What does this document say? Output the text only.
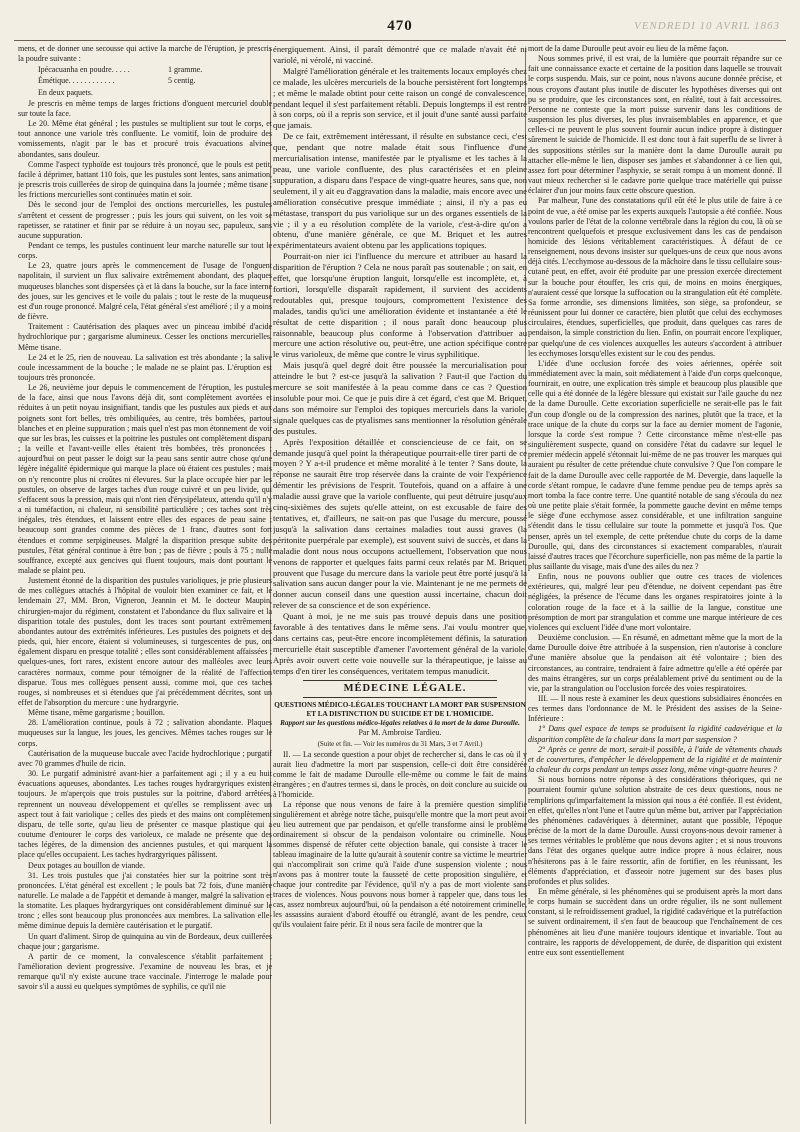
470	VENDREDI 10 AVRIL 1863

mens, et de donner une secousse qui active la marche de l'éruption, je prescris la poudre suivante :

Ipécacuanha en poudre. . . . .	1 gramme.

Émétique. . . . . . . . . . . .	5 centig.

En deux paquets.

Je prescris en même temps de larges frictions d'onguent mercuriel double sur toute la face.

Le 20. Même état général ; les pustules se multiplient sur tout le corps, et tout annonce une variole très confluente. Le vomitif, loin de produire des vomissements, n'agit par le bas et procuré trois évacuations alvines abondantes, sans douleur.

Comme l'aspect typhoïde est toujours très prononcé, que le pouls est petit, facile à déprimer, battant 110 fois, que les pustules sont lentes, sans animation, je prescris trois cuillerées de sirop de quinquina dans la journée ; même tisane ; les frictions mercurielles sont continuées matin et soir.

Dès le second jour de l'emploi des onctions mercurielles, les pustules s'arrêtent et cessent de progresser ; puis les jours qui suivent, on les voit se rapetisser, se ratatiner et finir par se réduire à un noyau sec, papuleux, sans aucune suppuration.

Pendant ce temps, les pustules continuent leur marche naturelle sur tout le corps.

Le 23, quatre jours après le commencement de l'usage de l'onguent napolitain, il survient un flux salivaire extrêmement abondant, des plaques muqueuses blanches sont dispersées çà et là dans la bouche, sur la face interne des joues, sur les gencives et le voile du palais ; tout le reste de la muqueuse est d'un rouge prononcé. Malgré cela, l'état général s'est amélioré ; il y a moins de fièvre.

Traitement : Cautérisation des plaques avec un pinceau imbibé d'acide hydrochlorique pur ; gargarisme alumineux. Cesser les onctions mercurielles. Même tisane.

Le 24 et le 25, rien de nouveau. La salivation est très abondante ; la salive coule incessamment de la bouche ; le malade ne se plaint pas. L'éruption est toujours très prononcée.

Le 26, neuvième jour depuis le commencement de l'éruption, les pustules de la face, ainsi que nous l'avons déjà dit, sont complètement avortées et réduites à un petit noyau insignifiant, tandis que les pustules aux pieds et aux poignets sont fort belles, très ombiliquées, au centre, très bombées, partout blanches et en pleine suppuration ; mais quel n'est pas mon étonnement de voir que sur les bras, les cuisses et la poitrine les pustules ont complètement disparu ; la veille et l'avant-veille elles étaient très bombées, très prononcées ; aujourd'hui on peut passer le doigt sur la peau sans sentir autre chose qu'une légère inégalité épidermique qui marque la place où étaient ces pustules ; mais on n'y rencontre plus ni croûtes ni élevures. Sur la place occupée hier par les pustules, on observe de larges taches d'un rouge cuivré et un peu livide, qui s'effacent sous la pression, mais qui n'ont rien d'érysipélateux, attendu qu'il n'y a ni tuméfaction, ni chaleur, ni sensibilité particulière ; ces taches sont très inégales, très étendues, et laissent entre elles des espaces de peau saine ; beaucoup sont grandes comme des pièces de 1 franc, d'autres sont fort étendues et comme serpigineuses. Malgré la disparition presque subite des pustules, l'état général continue à être bon ; pas de fièvre ; pouls à 75 ; nulle souffrance, excepté aux gencives qui fluent toujours, mais dont pourtant le malade se plaint peu.

Justement étonné de la disparition des pustules varioliques, je prie plusieurs de mes collègues attachés à l'hôpital de vouloir bien examiner ce fait, et le lendemain 27, MM. Bron, Vigneron, Jeannin et M. le docteur Maupin, chirurgien-major du régiment, constatent et l'abondance du flux salivaire et la disparition totale des pustules, dont les traces sont pourtant extrêmement abondantes autour des extrémités inférieures. Les pustules des poignets et des pieds, qui, hier encore, étaient si volumineuses, si turgescentes de pus, ont également disparu en presque totalité ; elles sont considérablement affaissées ; quelques-unes, fort rares, existent encore autour des malléoles avec leurs caractères normaux, comme pour témoigner de la réalité de l'affection disparue. Tous mes collègues pensent aussi, comme moi, que ces taches rouges, si nombreuses et si étendues que j'ai précédemment décrites, sont un effet de l'absorption du mercure : une hydrargyrie.

Même tisane, même gargarisme ; bouillon.

28. L'amélioration continue, pouls à 72 ; salivation abondante. Plaques muqueuses sur la langue, les joues, les gencives. Mêmes taches rouges sur le corps.

Cautérisation de la muqueuse buccale avec l'acide hydrochlorique ; purgatif avec 70 grammes d'huile de ricin.

30. Le purgatif administré avant-hier a parfaitement agi ; il y a eu huit évacuations aqueuses, abondantes. Les taches rouges hydrargyriques existent toujours. Je m'aperçois que trois pustules sur la poitrine, d'abord arrêtées, reprennent un nouveau développement et qu'elles se remplissent avec un aspect tout à fait variolique ; celles des pieds et des mains ont complètement disparu, de telle sorte, qu'au lieu de présenter ce masque plastique qui a coutume d'entourer le corps des varioleux, ce malade ne présente que des taches légères, de la dimension des anciennes pustules, et qui marquent la place qu'elles occupaient. Les taches hydrargyriques pâlissent.

Deux potages au bouillon de viande.

31. Les trois pustules que j'ai constatées hier sur la poitrine sont très prononcées. L'état général est excellent ; le pouls bat 72 fois, d'une manière naturelle. Le malade a de l'appétit et demande à manger, malgré la salivation et la stomatite. Les plaques hydrargyriques ont considérablement diminué sur le tronc ; elles sont beaucoup plus prononcées aux membres. La salivation elle-même diminue depuis la dernière cautérisation et le purgatif.

Un quart d'aliment. Sirop de quinquina au vin de Bordeaux, deux cuillerées chaque jour ; gargarisme.

A partir de ce moment, la convalescence s'établit parfaitement ; l'amélioration devient progressive. J'examine de nouveau les bras, et je remarque qu'il n'y existe aucune trace vaccinale. J'interroge le malade pour savoir s'il a aussi eu quelques symptômes de syphilis, ce qu'il nie

énergiquement. Ainsi, il paraît démontré que ce malade n'avait été ni variolé, ni vérolé, ni vacciné.

Malgré l'amélioration générale et les traitements locaux employés chez ce malade, les ulcères mercuriels de la bouche persistèrent fort longtemps ; et même le malade obtint pour cette raison un congé de convalescence, pendant lequel il s'est parfaitement rétabli. Depuis longtemps il est rentré à son corps, où il a repris son service, et il jouit d'une santé aussi parfaite que jamais.

De ce fait, extrêmement intéressant, il résulte en substance ceci, c'est que, pendant que notre malade était sous l'influence d'une mercurialisation intense, manifestée par le ptyalisme et les taches à la peau, une variole confluente, des plus caractérisées et en pleine suppuration, a disparu dans l'espace de vingt-quatre heures, sans que, non seulement, il y ait eu d'aggravation dans la maladie, mais encore avec une amélioration consécutive presque immédiate ; ainsi, il n'y a pas eu métastase, transport du pus variolique sur un des organes essentiels de la vie ; il y a eu résolution complète de la variole, c'est-à-dire qu'on a obtenu, d'une manière générale, ce que M. Briquet et les autres expérimentateurs avaient obtenu par les applications topiques.

Pourrait-on nier ici l'influence du mercure et attribuer au hasard la disparition de l'éruption ? Cela ne nous paraît pas soutenable ; on sait, en effet, que lorsqu'une éruption languit, lorsqu'elle est incomplète, et, à fortiori, lorsqu'elle disparaît rapidement, il survient des accidents redoutables qui, presque toujours, compromettent l'existence des malades, tandis qu'ici une amélioration évidente et instantanée a été le résultat de cette disparition ; il nous paraît donc beaucoup plus raisonnable, beaucoup plus conforme à l'observation d'attribuer au mercure une action résolutive ou, peut-être, une action spécifique contre le virus varioleux, de même que contre le virus syphilitique.

Mais jusqu'à quel degré doit être poussée la mercurialisation pour atteindre le but ? est-ce jusqu'à la salivation ? Faut-il que l'action du mercure se soit manifestée à la peau comme dans ce cas ? Question insoluble pour moi. Ce que je puis dire à cet égard, c'est que M. Briquet, dans son mémoire sur l'emploi des topiques mercuriels dans la variole, signale quelques cas de ptyalismes sans mentionner la résolution générale des pustules.

Après l'exposition détaillée et consciencieuse de ce fait, on se demande jusqu'à quel point la thérapeutique pourrait-elle tirer parti de ce moyen ? Y a-t-il prudence et même moralité à le tenter ? Sans doute, la réponse ne saurait être trop réservée dans la crainte de voir l'expérience démentir les prévisions de l'esprit. Toutefois, quand on a affaire à une maladie aussi grave que la variole confluente, qui peut détruire jusqu'aux cinq-sixièmes des sujets qu'elle atteint, on est excusable de faire des tentatives, et, d'ailleurs, ne sait-on pas que l'usage du mercure, poussé jusqu'à la salivation dans certaines maladies tout aussi graves (la péritonite puerpérale par exemple), est souvent suivi de succès, et dans la maladie dont nous nous occupons actuellement, l'observation que nous venons de rapporter et quelques faits parmi ceux relatés par M. Briquet, prouvent que l'usage du mercure dans la variole peut être porté jusqu'à la salivation sans aucun danger pour la vie. Maintenant je ne me permets de donner aucun conseil dans une question aussi incertaine, chacun doit relever de sa conscience et de son expérience.

Quant à moi, je ne me suis pas trouvé depuis dans une position favorable à des tentatives dans le même sens. J'ai voulu montrer que, dans certains cas, peut-être encore incomplètement définis, la saturation mercurielle était susceptible d'amener l'avortement général de la variole. Après avoir ouvert cette voie nouvelle sur la thérapeutique, je laisse au temps d'en tirer les conséquences, veritatem tempus manudicit.

MÉDECINE LÉGALE.

QUESTIONS MÉDICO-LÉGALES TOUCHANT LA MORT PAR SUSPENSION ET LA DISTINCTION DU SUICIDE ET DE L'HOMICIDE.

Rapport sur les questions médico-légales relatives à la mort de la dame Duroulle.

Par M. Ambroise Tardieu.

(Suite et fin. — Voir les numéros du 31 Mars, 3 et 7 Avril.)

II. — La seconde question a pour objet de rechercher si, dans le cas où il y aurait lieu d'admettre la mort par suspension, celle-ci doit être considérée comme le fait de madame Duroulle elle-même ou comme le fait de mains étrangères ; en d'autres termes si, dans le procès, on doit conclure au suicide ou à l'homicide.

La réponse que nous venons de faire à la première question simplifie singulièrement et abrège notre tâche, puisqu'elle montre que la mort peut avoir eu lieu autrement que par pendaison, et qu'elle transforme ainsi le problème ordinairement si obscur de la pendaison volontaire ou criminelle. Nous sommes dispensé de réfuter cette objection banale, qui consiste à tracer le tableau imaginaire de la lutte qu'aurait à soutenir contre sa victime le meurtrier qui n'accomplirait son crime qu'à l'aide d'une suspension violente ; nous n'avons pas à montrer toute la fausseté de cette proposition singulière, et chaque jour contredite par l'évidence, qu'il n'y a pas de mort violente sans traces de violences. Nous pouvons nous borner à rappeler que, dans tous les cas, assez nombreux aujourd'hui, où la pendaison a été notoirement criminelle, les assassins auraient d'abord étouffé ou étranglé, avant de les pendre, ceux qu'ils voulaient faire périr. Et il nous sera facile de montrer que la

mort de la dame Duroulle peut avoir eu lieu de la même façon.

Nous sommes privé, il est vrai, de la lumière que pourrait répandre sur ce fait une connaissance exacte et certaine de la position dans laquelle se trouvait le corps suspendu. Mais, sur ce point, nous n'avons aucune donnée précise, et nous croyons d'autant plus inutile de discuter les hypothèses diverses qui ont pu se produire, que les circonstances sont, en réalité, tout à fait accessoires. Personne ne conteste que la mort puisse survenir dans les conditions de suspension les plus diverses, les plus invraisemblables en apparence, et que celles-ci ne peuvent le plus souvent fournir aucun indice propre à distinguer sûrement le suicide de l'homicide. Il est donc tout à fait superflu de se livrer à des suppositions stériles sur la manière dont la dame Duroulle aurait pu attacher elle-même le lien, disposer ses jambes et s'abandonner à ce lien qui, assez fort pour déterminer l'asphyxie, se serait rompu à un moment donné. Il vaut mieux rechercher si le cadavre porte quelque trace matérielle qui puisse éclairer d'un jour moins faux cette obscure question.

Par malheur, l'une des constatations qu'il eût été le plus utile de faire à ce point de vue, a été omise par les experts auxquels l'autopsie a été confiée. Nous voulons parler de l'état de la colonne vertébrale dans la région du cou, là où se rencontrent quelquefois et presque exclusivement dans les cas de pendaison homicide des lésions véritablement caractéristiques. À défaut de ce renseignement, nous devons insister sur quelques-uns de ceux que nous avons déjà cités. L'ecchymose au-dessous de la mâchoire dans le tissu cellulaire sous-cutané peut, en effet, avoir été produite par une pression exercée directement sur la bouche pour étouffer, les cris qui, de moins en moins énergiques, n'auraient cessé que lorsque la suffocation ou la strangulation eût été complète. Sa forme arrondie, ses dimensions limitées, son siège, sa profondeur, se réunissent pour lui donner ce caractère, bien plutôt que celui des ecchymoses circulaires, étendues, superficielles, que produit, dans quelques cas rares de pendaison, la simple constriction du lien. Enfin, on pourrait encore l'expliquer, par quelqu'une de ces violences auxquelles les auteurs s'accordent à attribuer les ecchymoses lorsqu'elles existent sur le cou des pendus.

L'idée d'une occlusion forcée des voies aériennes, opérée soit immédiatement avec la main, soit médiatement à l'aide d'un corps quelconque, fournirait, en outre, une explication très simple et beaucoup plus plausible que celle qui a été donnée de la légère blessure qui existait sur l'aile gauche du nez de la dame Duroulle. Cette excoriation superficielle ne serait-elle pas le fait d'un coup d'ongle ou de la compression des narines, plutôt que la trace, et la trace unique de la chute du corps sur la face au dernier moment de l'agonie, lorsque la corde s'est rompue ? Cette circonstance même n'est-elle pas singulièrement suspecte, quand on considère l'état du cadavre sur lequel le premier médecin appelé s'étonnait lui-même de ne pas trouver les marques qui auraient pu résulter de cette prétendue chute convulsive ? Que l'on compare le fait de la dame Duroulle avec celle rapportée de M. Devergie, dans laquelle la corde s'étant rompue, le cadavre d'une femme pendue peu de temps après sa mort tomba la face contre terre. Une quantité notable de sang s'écoula du nez où une petite plaie s'était formée, la pommette gauche devint en même temps le siège d'une ecchymose assez considérable, et une infiltration sanguine s'étendit dans le tissu cellulaire sur toute la pommette et jusqu'à l'os. Que penser, après un tel exemple, de cette prétendue chute du corps de la dame Duroulle, qui, dans des circonstances si exactement comparables, n'aurait laissé d'autres traces que l'écorchure superficielle, non pas même de la partie la plus saillante du visage, mais d'une des ailes du nez ?

Enfin, nous ne pouvons oublier que outre ces traces de violences extérieures, qui, malgré leur peu d'étendue, ne doivent cependant pas être négligées, la présence de l'écume dans les organes respiratoires jointe à la coloration rouge de la face et à la saillie de la langue, constitue une présomption de mort par strangulation et comme une marque intérieure de ces violences qui excluent l'idée d'une mort volontaire.

Deuxième conclusion. — En résumé, en admettant même que la mort de la dame Duroulle doive être attribuée à la suspension, rien n'autorise à conclure d'une manière absolue que la pendaison ait été volontaire ; bien des circonstances, au contraire, tendraient à faire admettre qu'elle a été opérée par des mains étrangères, sur un corps préalablement privé du sentiment ou de la vie, par la strangulation ou l'occlusion forcée des voies respiratoires.

III. — Il nous reste à examiner les deux questions subsidiaires énoncées en ces termes dans l'ordonnance de M. le Président des assises de la Seine-Inférieure :

1° Dans quel espace de temps se produisent la rigidité cadavérique et la disparition complète de la chaleur dans la mort par suspension ?

2° Après ce genre de mort, serait-il possible, à l'aide de vêtements chauds et de couvertures, d'empêcher le développement de la rigidité et de maintenir la chaleur du corps pendant un temps assez long, même vingt-quatre heures ?

Si nous bornions notre réponse à des considérations théoriques, qui ne pourraient fournir qu'une solution abstraite de ces deux questions, nous ne remplirions qu'imparfaitement la mission qui nous a été confiée. Il est évident, en effet, qu'elles n'ont l'une et l'autre qu'un même but, arriver par l'appréciation des phénomènes cadavériques à déterminer, autant que possible, l'époque précise de la mort de la dame Duroulle. Aussi croyons-nous devoir ramener à ses termes véritables le problème que nous devons agiter ; et si nous trouvons dans l'état des organes quelque autre indice propre à nous éclairer, nous n'hésiterons pas à le faire ressortir, afin de fortifier, en les réunissant, les éléments d'appréciation, et d'asseoir notre jugement sur des bases plus profondes et plus solides.

En même générale, si les phénomènes qui se produisent après la mort dans le corps humain se succèdent dans un ordre régulier, ils ne sont nullement constant, si le refroidissement graduel, la rigidité cadavérique et la putréfaction se suivent ordinairement, il s'en faut de beaucoup que l'enchaînement de ces phénomènes ait lieu d'une manière toujours identique et invariable. Tout au contraire, les rapports de développement, de durée, de disparition qui existent entre eux sont essentiellement
